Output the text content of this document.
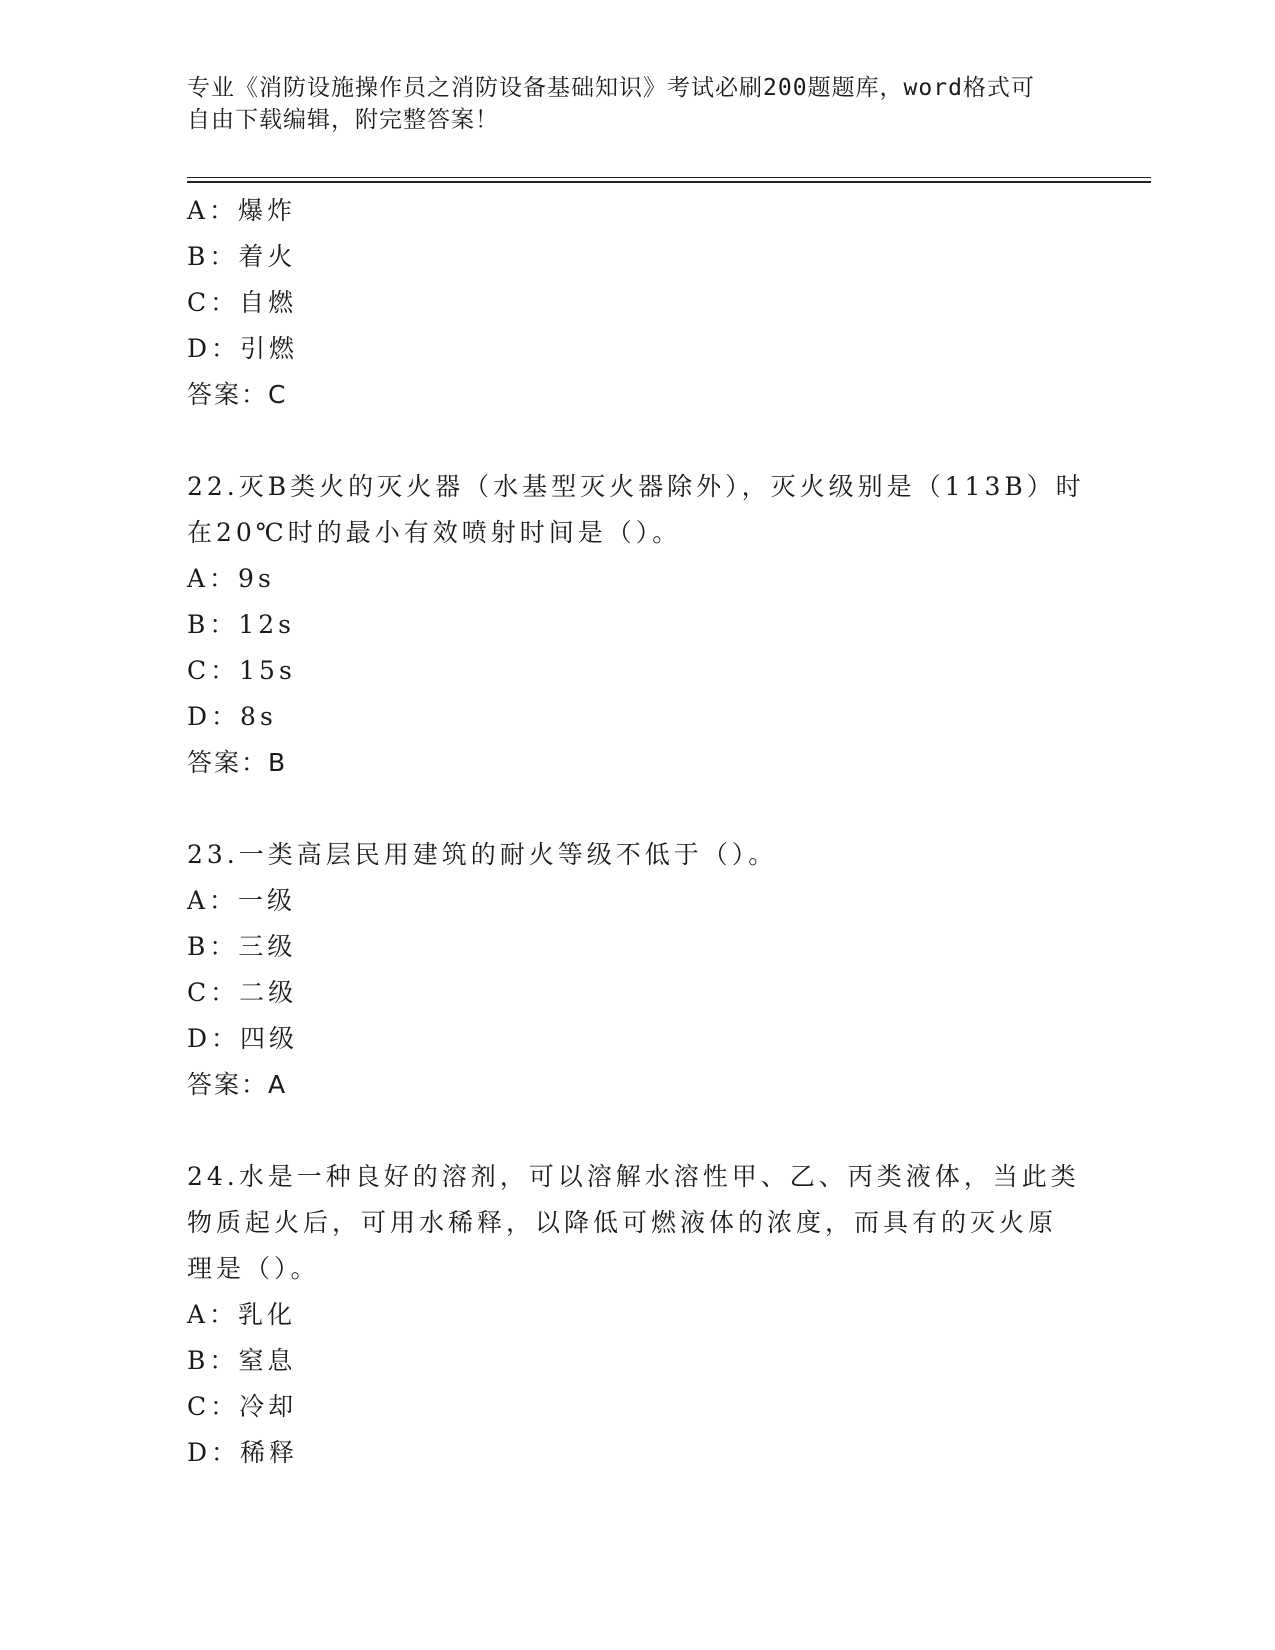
专业《消防设施操作员之消防设备基础知识》考试必刷200题题库，word格式可
自由下载编辑，附完整答案！
A：爆炸
B：着火
C：自燃
D：引燃
答案：C
22.灭B类火的灭火器（水基型灭火器除外），灭火级别是（113B）时
在20℃时的最小有效喷射时间是（）。
A：9s
B：12s
C：15s
D：8s
答案：B
23.一类高层民用建筑的耐火等级不低于（）。
A：一级
B：三级
C：二级
D：四级
答案：A
24.水是一种良好的溶剂，可以溶解水溶性甲、乙、丙类液体，当此类
物质起火后，可用水稀释，以降低可燃液体的浓度，而具有的灭火原
理是（）。
A：乳化
B：窒息
C：冷却
D：稀释
